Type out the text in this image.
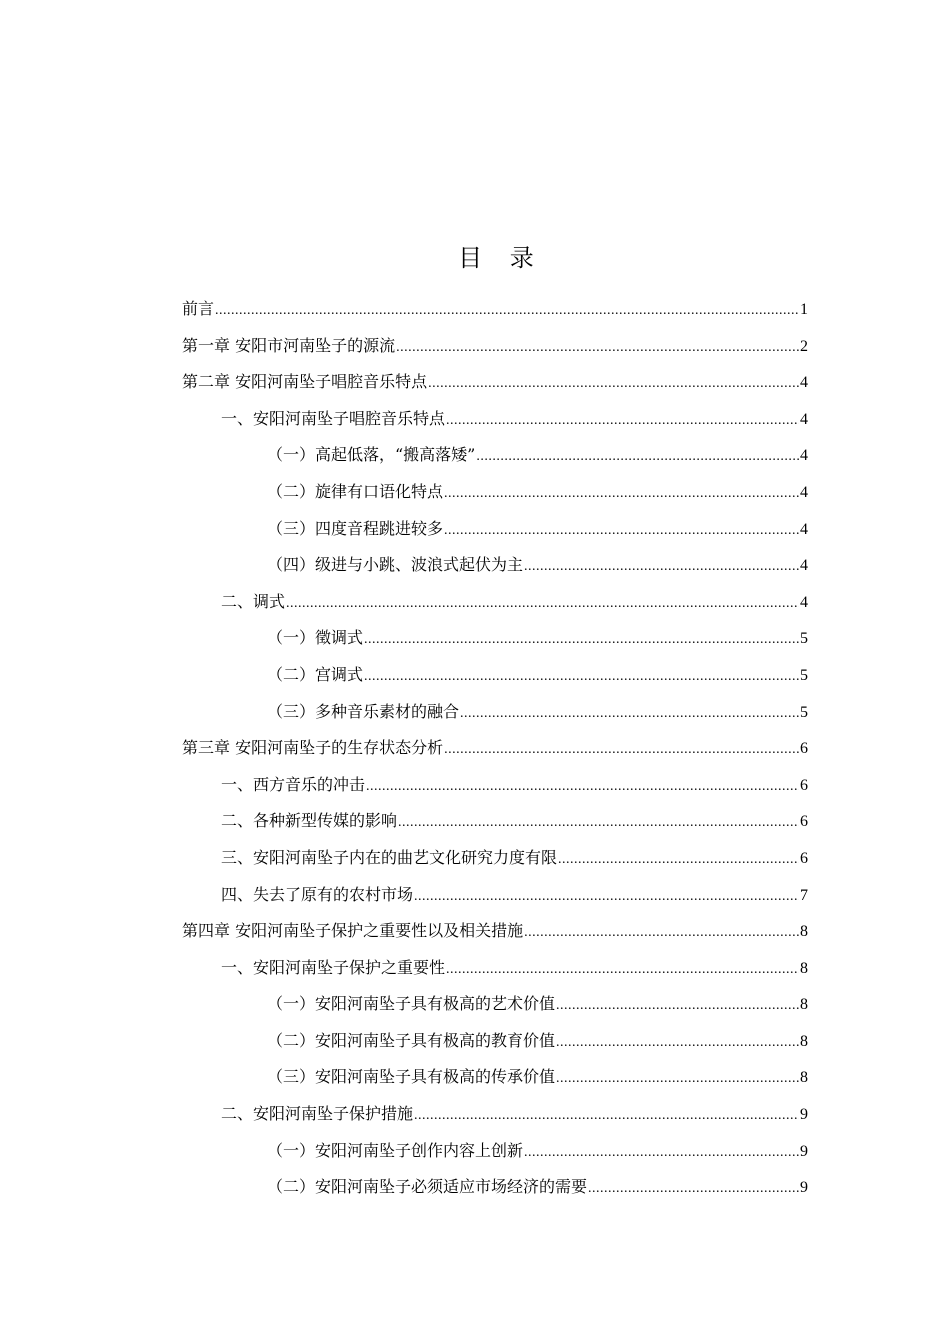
目 录
前言 .....	1
第一章 安阳市河南坠子的源流 .....	2
第二章 安阳河南坠子唱腔音乐特点 .....	4
一、安阳河南坠子唱腔音乐特点 .....	4
（一）高起低落，“搬高落矮” .....	4
（二）旋律有口语化特点 .....	4
（三）四度音程跳进较多 .....	4
（四）级进与小跳、波浪式起伏为主 .....	4
二、调式 .....	4
（一）徵调式 .....	5
（二）宫调式 .....	5
（三）多种音乐素材的融合 .....	5
第三章 安阳河南坠子的生存状态分析 .....	6
一、西方音乐的冲击 .....	6
二、各种新型传媒的影响 .....	6
三、安阳河南坠子内在的曲艺文化研究力度有限 .....	6
四、失去了原有的农村市场 .....	7
第四章 安阳河南坠子保护之重要性以及相关措施 .....	8
一、安阳河南坠子保护之重要性 .....	8
（一）安阳河南坠子具有极高的艺术价值 .....	8
（二）安阳河南坠子具有极高的教育价值 .....	8
（三）安阳河南坠子具有极高的传承价值 .....	8
二、安阳河南坠子保护措施 .....	9
（一）安阳河南坠子创作内容上创新 .....	9
（二）安阳河南坠子必须适应市场经济的需要 .....	9
